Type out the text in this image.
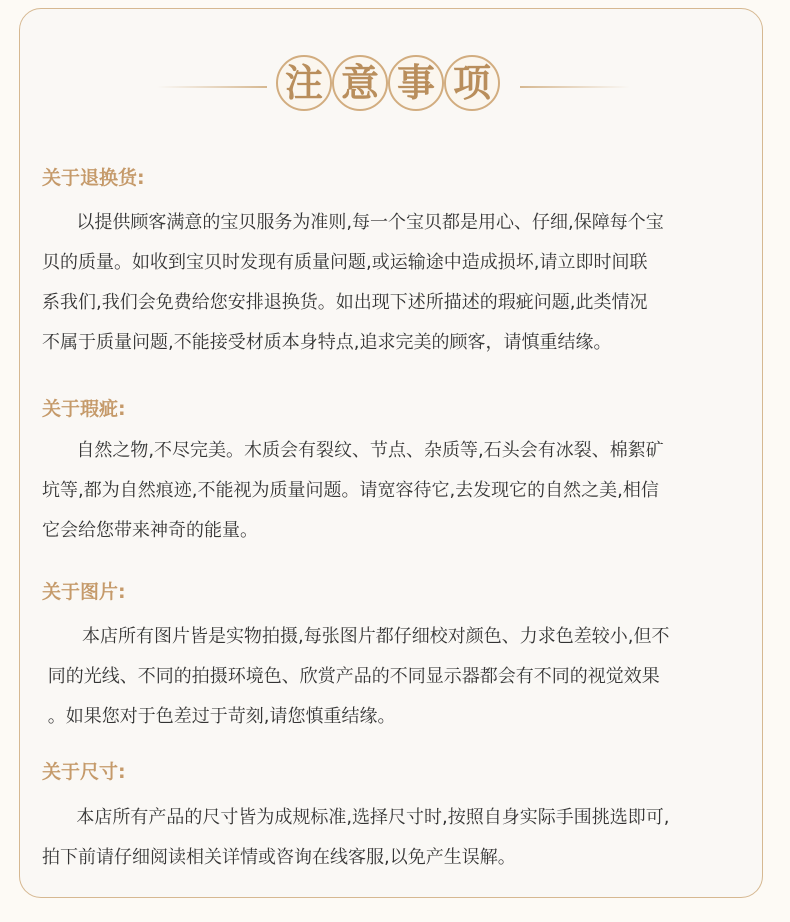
注 意 事 项
关于退换货:
以提供顾客满意的宝贝服务为准则,每一个宝贝都是用心、仔细,保障每个宝
贝的质量。如收到宝贝时发现有质量问题,或运输途中造成损坏,请立即时间联
系我们,我们会免费给您安排退换货。如出现下述所描述的瑕疵问题,此类情况
不属于质量问题,不能接受材质本身特点,追求完美的顾客，请慎重结缘。
关于瑕疵:
自然之物,不尽完美。木质会有裂纹、节点、杂质等,石头会有冰裂、棉絮矿
坑等,都为自然痕迹,不能视为质量问题。请宽容待它,去发现它的自然之美,相信
它会给您带来神奇的能量。
关于图片:
本店所有图片皆是实物拍摄,每张图片都仔细校对颜色、力求色差较小,但不
同的光线、不同的拍摄环境色、欣赏产品的不同显示器都会有不同的视觉效果
。如果您对于色差过于苛刻,请您慎重结缘。
关于尺寸:
本店所有产品的尺寸皆为成规标准,选择尺寸时,按照自身实际手围挑选即可,
拍下前请仔细阅读相关详情或咨询在线客服,以免产生误解。
